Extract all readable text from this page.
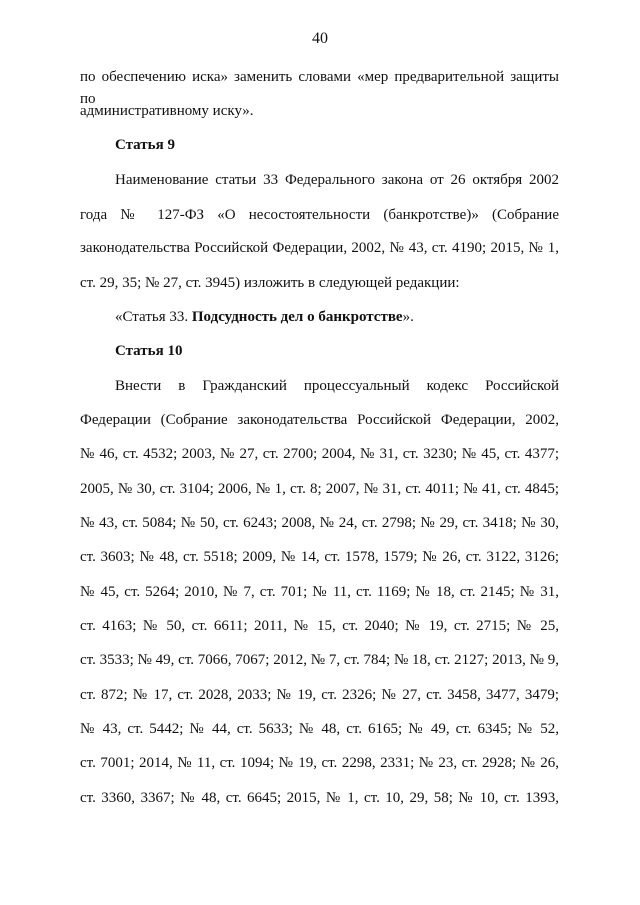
40
по обеспечению иска» заменить словами «мер предварительной защиты по
административному иску».
Статья 9
Наименование статьи 33 Федерального закона от 26 октября 2002
года № 127-ФЗ «О несостоятельности (банкротстве)» (Собрание
законодательства Российской Федерации, 2002, № 43, ст. 4190; 2015, № 1,
ст. 29, 35; № 27, ст. 3945) изложить в следующей редакции:
«Статья 33. Подсудность дел о банкротстве».
Статья 10
Внести в Гражданский процессуальный кодекс Российской
Федерации (Собрание законодательства Российской Федерации, 2002,
№ 46, ст. 4532; 2003, № 27, ст. 2700; 2004, № 31, ст. 3230; № 45, ст. 4377;
2005, № 30, ст. 3104; 2006, № 1, ст. 8; 2007, № 31, ст. 4011; № 41, ст. 4845;
№ 43, ст. 5084; № 50, ст. 6243; 2008, № 24, ст. 2798; № 29, ст. 3418; № 30,
ст. 3603; № 48, ст. 5518; 2009, № 14, ст. 1578, 1579; № 26, ст. 3122, 3126;
№ 45, ст. 5264; 2010, № 7, ст. 701; № 11, ст. 1169; № 18, ст. 2145; № 31,
ст. 4163; № 50, ст. 6611; 2011, № 15, ст. 2040; № 19, ст. 2715; № 25,
ст. 3533; № 49, ст. 7066, 7067; 2012, № 7, ст. 784; № 18, ст. 2127; 2013, № 9,
ст. 872; № 17, ст. 2028, 2033; № 19, ст. 2326; № 27, ст. 3458, 3477, 3479;
№ 43, ст. 5442; № 44, ст. 5633; № 48, ст. 6165; № 49, ст. 6345; № 52,
ст. 7001; 2014, № 11, ст. 1094; № 19, ст. 2298, 2331; № 23, ст. 2928; № 26,
ст. 3360, 3367; № 48, ст. 6645; 2015, № 1, ст. 10, 29, 58; № 10, ст. 1393,
